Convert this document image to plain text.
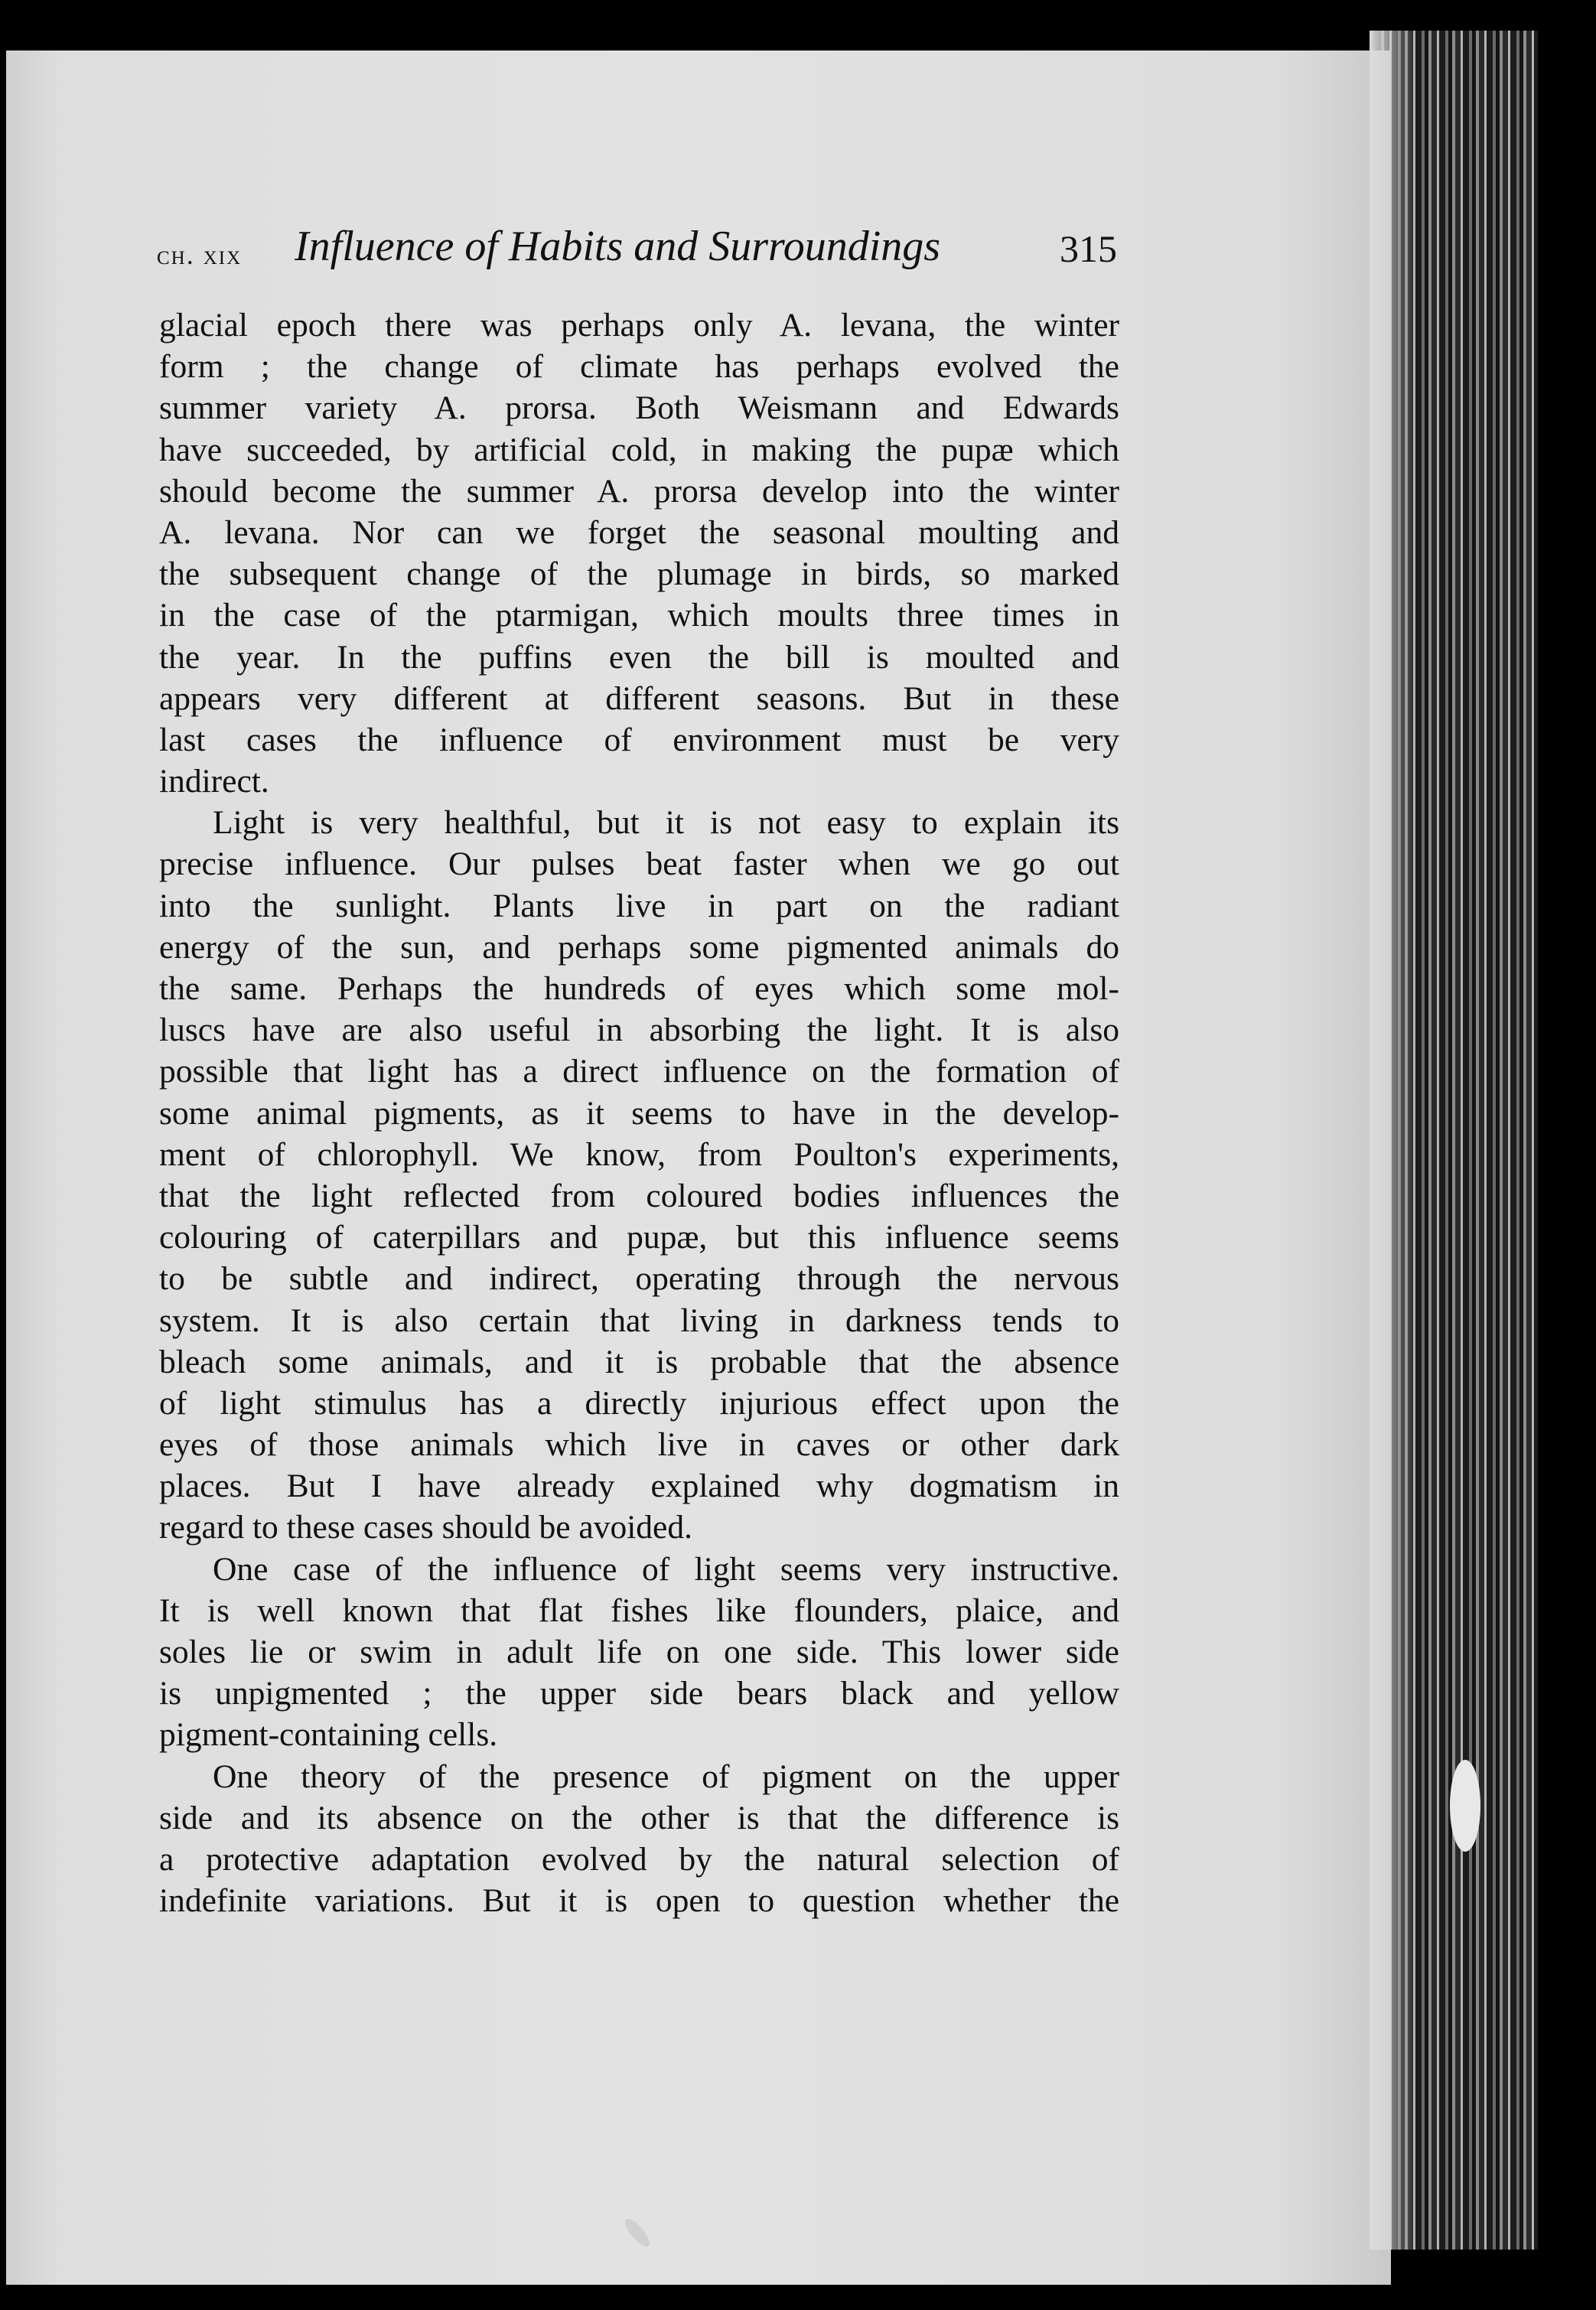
ch. xix Influence of Habits and Surroundings	315
glacial epoch there was perhaps only A. levana, the winter
form ; the change of climate has perhaps evolved the
summer variety A. prorsa. Both Weismann and Edwards
have succeeded, by artificial cold, in making the pupæ which
should become the summer A. prorsa develop into the winter
A. levana. Nor can we forget the seasonal moulting and
the subsequent change of the plumage in birds, so marked
in the case of the ptarmigan, which moults three times in
the year. In the puffins even the bill is moulted and
appears very different at different seasons. But in these
last cases the influence of environment must be very
indirect.
Light is very healthful, but it is not easy to explain its
precise influence. Our pulses beat faster when we go out
into the sunlight. Plants live in part on the radiant
energy of the sun, and perhaps some pigmented animals do
the same. Perhaps the hundreds of eyes which some mol-
luscs have are also useful in absorbing the light. It is also
possible that light has a direct influence on the formation of
some animal pigments, as it seems to have in the develop-
ment of chlorophyll. We know, from Poulton's experiments,
that the light reflected from coloured bodies influences the
colouring of caterpillars and pupæ, but this influence seems
to be subtle and indirect, operating through the nervous
system. It is also certain that living in darkness tends to
bleach some animals, and it is probable that the absence
of light stimulus has a directly injurious effect upon the
eyes of those animals which live in caves or other dark
places. But I have already explained why dogmatism in
regard to these cases should be avoided.
One case of the influence of light seems very instructive.
It is well known that flat fishes like flounders, plaice, and
soles lie or swim in adult life on one side. This lower side
is unpigmented ; the upper side bears black and yellow
pigment-containing cells.
One theory of the presence of pigment on the upper
side and its absence on the other is that the difference is
a protective adaptation evolved by the natural selection of
indefinite variations. But it is open to question whether the
